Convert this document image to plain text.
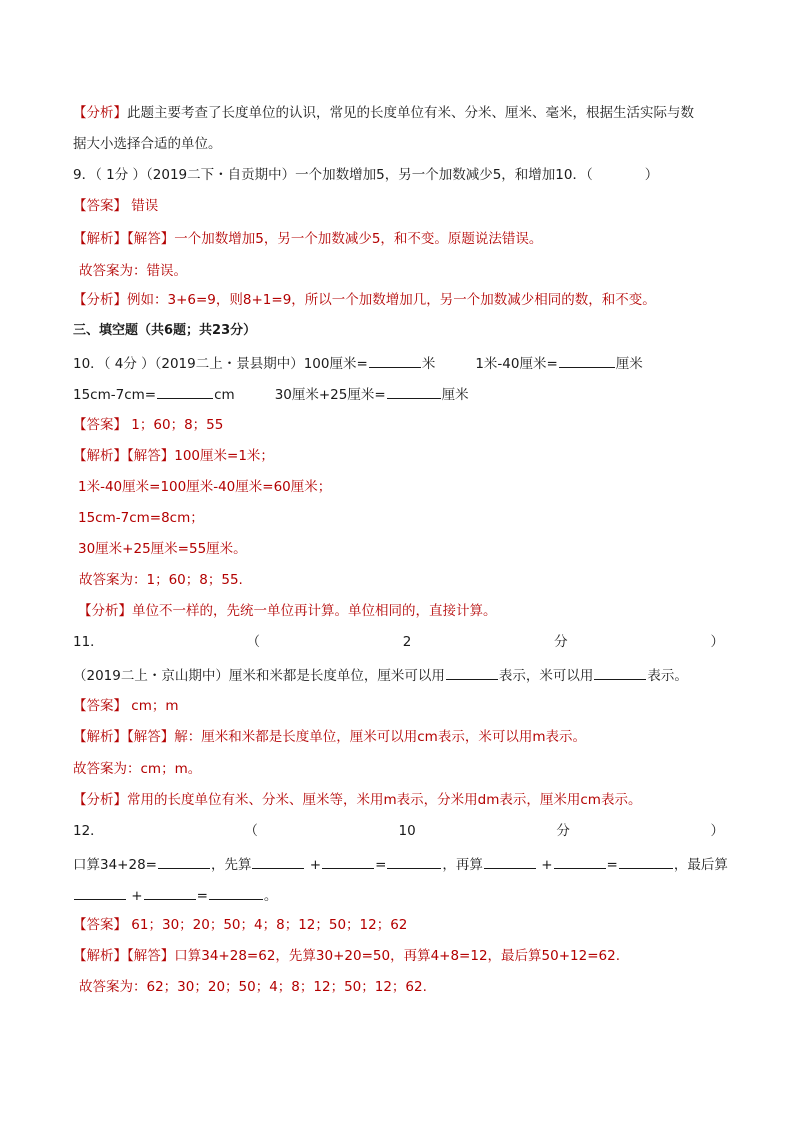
【分析】此题主要考查了长度单位的认识，常见的长度单位有米、分米、厘米、毫米，根据生活实际与数
据大小选择合适的单位。
9．（ 1分 ）（2019二下・自贡期中）一个加数增加5，另一个加数减少5，和增加10．（	）
【答案】 错误
【解析】【解答】一个加数增加5，另一个加数减少5，和不变。原题说法错误。
故答案为：错误。
【分析】例如：3+6=9，则8+1=9，所以一个加数增加几，另一个加数减少相同的数，和不变。
三、填空题（共6题；共23分）
10．（ 4分 ）（2019二上・景县期中）100厘米=	米	1米-40厘米=	厘米
15cm-7cm=	cm	30厘米+25厘米=	厘米
【答案】 1；60；8；55
【解析】【解答】100厘米=1米；
1米-40厘米=100厘米-40厘米=60厘米；
15cm-7cm=8cm；
30厘米+25厘米=55厘米。
故答案为：1；60；8；55.
【分析】单位不一样的，先统一单位再计算。单位相同的，直接计算。
11．	（	2	分	）
（2019二上・京山期中）厘米和米都是长度单位，厘米可以用	表示，米可以用	表示。
【答案】 cm；m
【解析】【解答】解：厘米和米都是长度单位，厘米可以用cm表示，米可以用m表示。
故答案为：cm；m。
【分析】常用的长度单位有米、分米、厘米等，米用m表示，分米用dm表示，厘米用cm表示。
12．	（	10	分	）
口算34+28=	，先算	+	=	，再算	+	=	，最后算
+	=	。
【答案】 61；30；20；50；4；8；12；50；12；62
【解析】【解答】口算34+28=62，先算30+20=50，再算4+8=12，最后算50+12=62.
故答案为：62；30；20；50；4；8；12；50；12；62.
